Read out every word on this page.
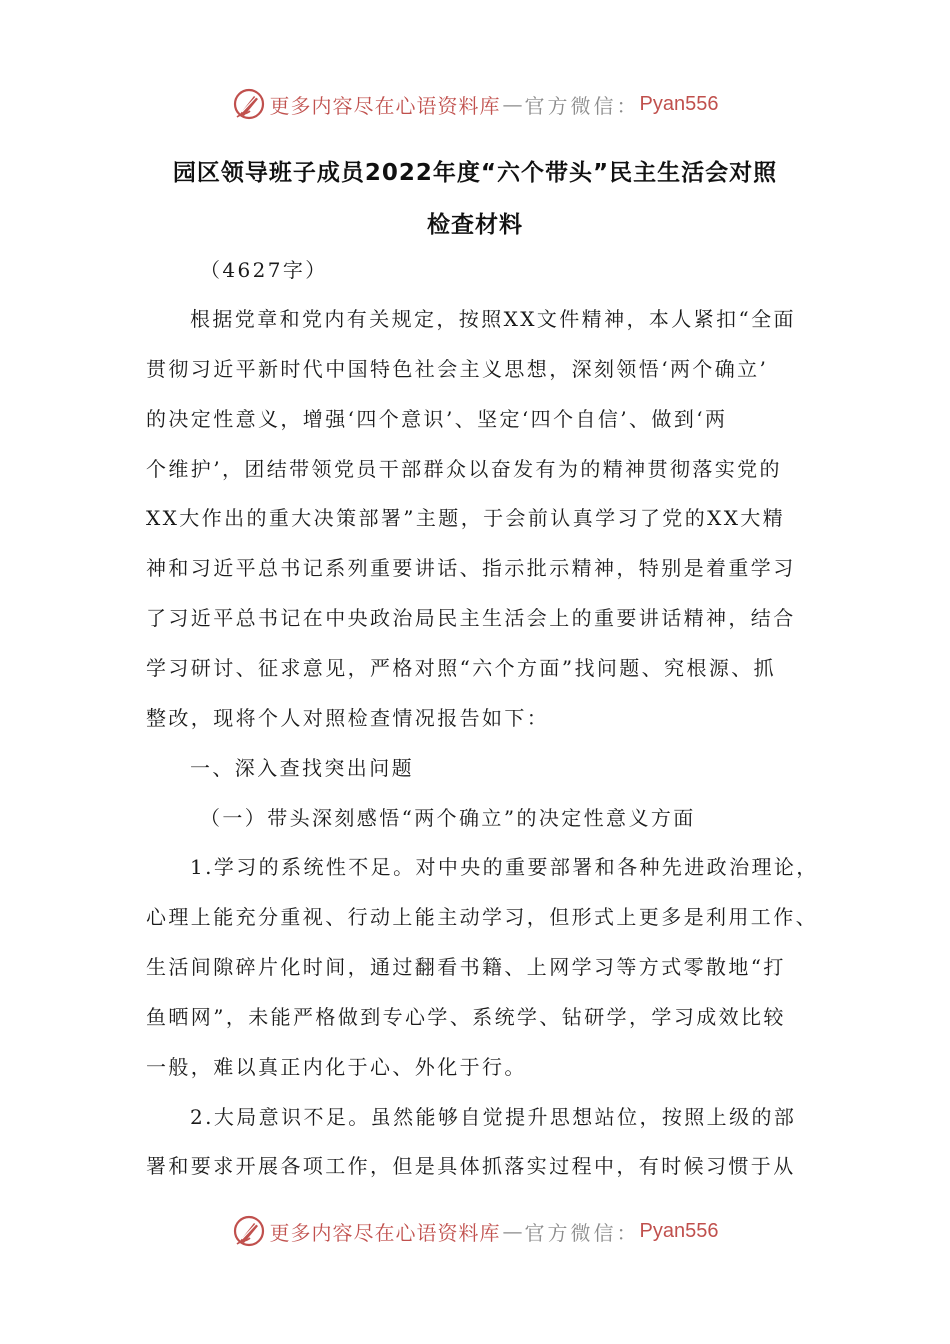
更多内容尽在心语资料库 — 官方微信： Pyan556
园区领导班子成员2022年度“六个带头”民主生活会对照
检查材料
（4627字）
根据党章和党内有关规定，按照XX文件精神，本人紧扣“全面
贯彻习近平新时代中国特色社会主义思想，深刻领悟‘两个确立’
的决定性意义，增强‘四个意识’、坚定‘四个自信’、做到‘两
个维护’，团结带领党员干部群众以奋发有为的精神贯彻落实党的
XX大作出的重大决策部署”主题，于会前认真学习了党的XX大精
神和习近平总书记系列重要讲话、指示批示精神，特别是着重学习
了习近平总书记在中央政治局民主生活会上的重要讲话精神，结合
学习研讨、征求意见，严格对照“六个方面”找问题、究根源、抓
整改，现将个人对照检查情况报告如下：
一、深入查找突出问题
（一）带头深刻感悟“两个确立”的决定性意义方面
1.学习的系统性不足。对中央的重要部署和各种先进政治理论，
心理上能充分重视、行动上能主动学习，但形式上更多是利用工作、
生活间隙碎片化时间，通过翻看书籍、上网学习等方式零散地“打
鱼晒网”，未能严格做到专心学、系统学、钻研学，学习成效比较
一般，难以真正内化于心、外化于行。
2.大局意识不足。虽然能够自觉提升思想站位，按照上级的部
署和要求开展各项工作，但是具体抓落实过程中，有时候习惯于从
更多内容尽在心语资料库 — 官方微信： Pyan556
